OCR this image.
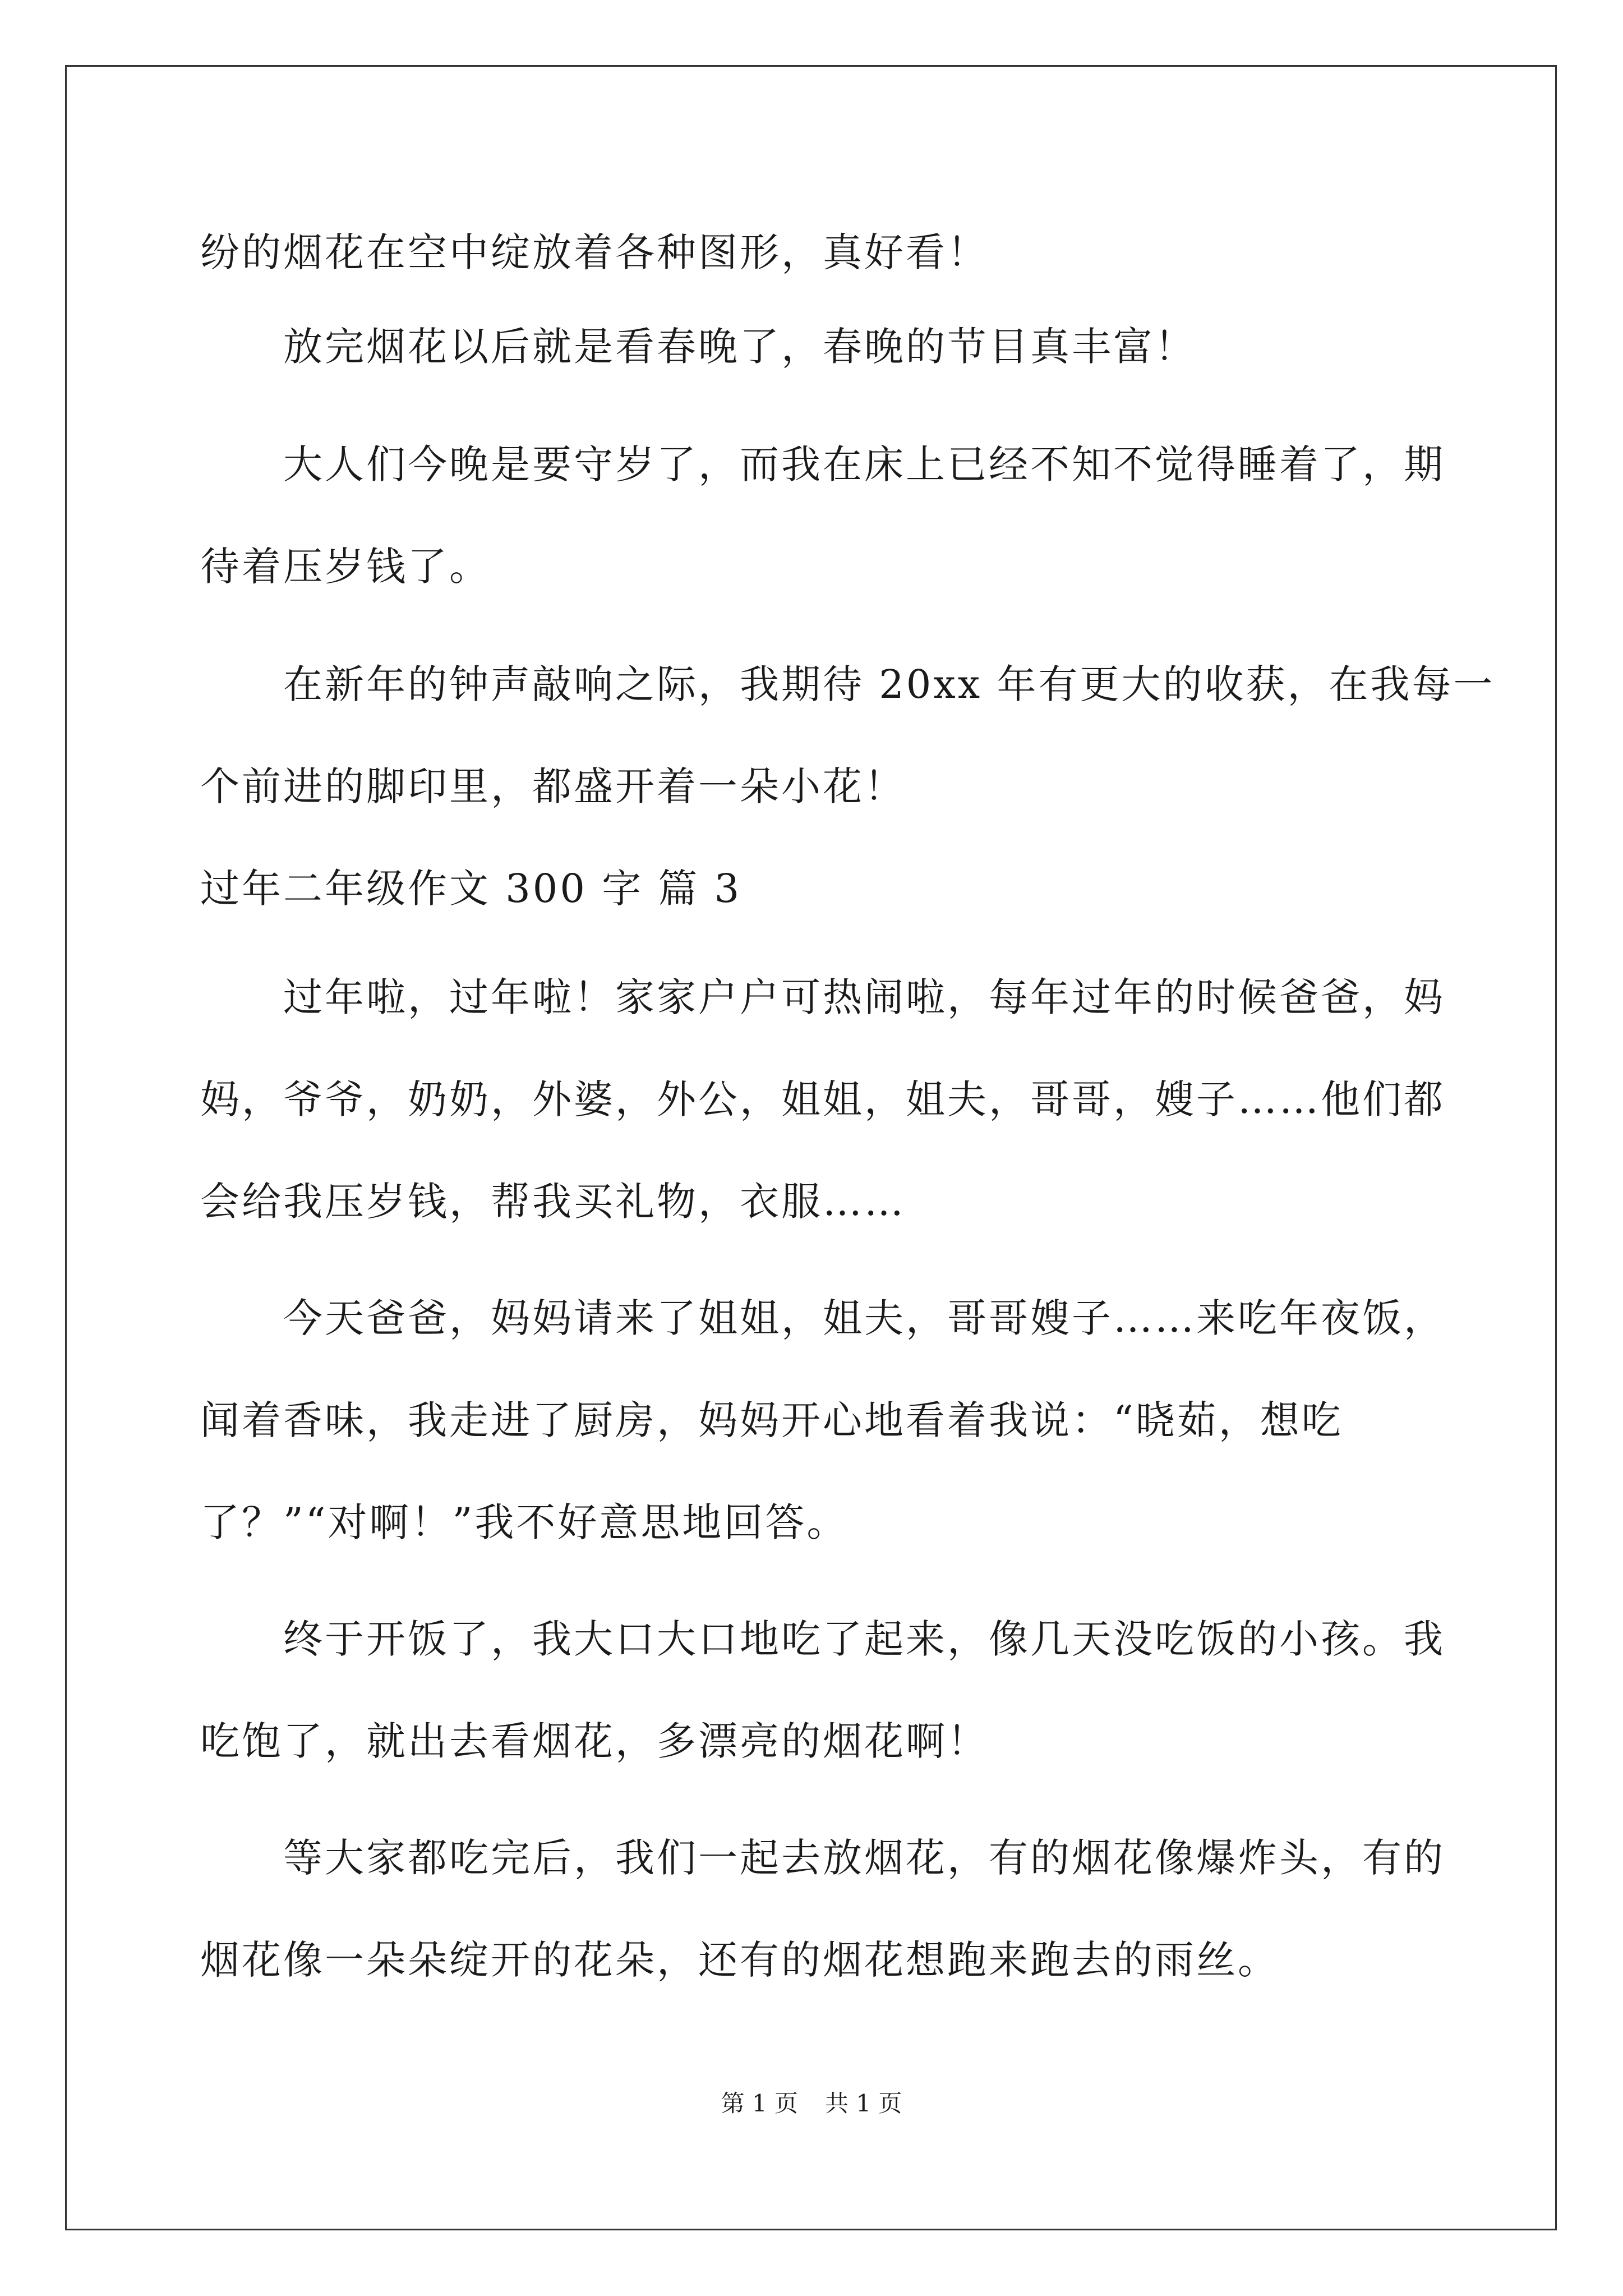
纷的烟花在空中绽放着各种图形，真好看！

放完烟花以后就是看春晚了，春晚的节目真丰富！

大人们今晚是要守岁了，而我在床上已经不知不觉得睡着了，期

待着压岁钱了。

在新年的钟声敲响之际，我期待 20xx 年有更大的收获，在我每一

个前进的脚印里，都盛开着一朵小花！

过年二年级作文 300 字 篇 3

过年啦，过年啦！家家户户可热闹啦，每年过年的时候爸爸，妈

妈，爷爷，奶奶，外婆，外公，姐姐，姐夫，哥哥，嫂子……他们都

会给我压岁钱，帮我买礼物，衣服……

今天爸爸，妈妈请来了姐姐，姐夫，哥哥嫂子……来吃年夜饭，

闻着香味，我走进了厨房，妈妈开心地看着我说：“晓茹，想吃

了？”“对啊！”我不好意思地回答。

终于开饭了，我大口大口地吃了起来，像几天没吃饭的小孩。我

吃饱了，就出去看烟花，多漂亮的烟花啊！

等大家都吃完后，我们一起去放烟花，有的烟花像爆炸头，有的

烟花像一朵朵绽开的花朵，还有的烟花想跑来跑去的雨丝。

第 1 页 共 1 页
